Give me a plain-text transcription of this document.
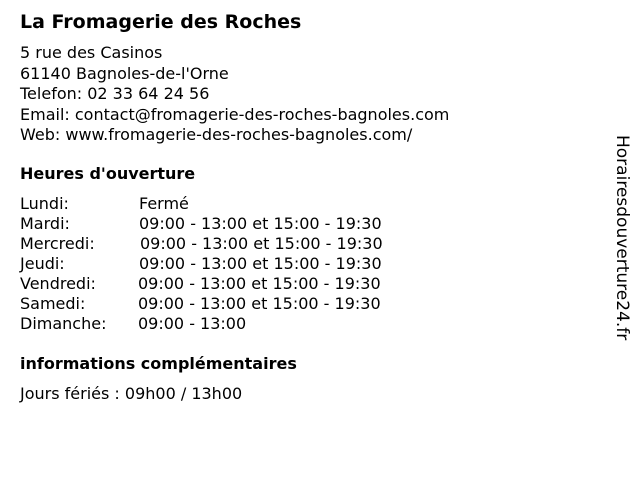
La Fromagerie des Roches
5 rue des Casinos
61140 Bagnoles-de-l'Orne
Telefon: 02 33 64 24 56
Email: contact@fromagerie-des-roches-bagnoles.com
Web: www.fromagerie-des-roches-bagnoles.com/
Heures d'ouverture
Lundi:	Fermé
Mardi:	09:00 - 13:00 et 15:00 - 19:30
Mercredi:	09:00 - 13:00 et 15:00 - 19:30
Jeudi:	09:00 - 13:00 et 15:00 - 19:30
Vendredi:	09:00 - 13:00 et 15:00 - 19:30
Samedi:	09:00 - 13:00 et 15:00 - 19:30
Dimanche: 09:00 - 13:00
informations complémentaires
Jours fériés : 09h00 / 13h00
Horairesdouverture24.fr
